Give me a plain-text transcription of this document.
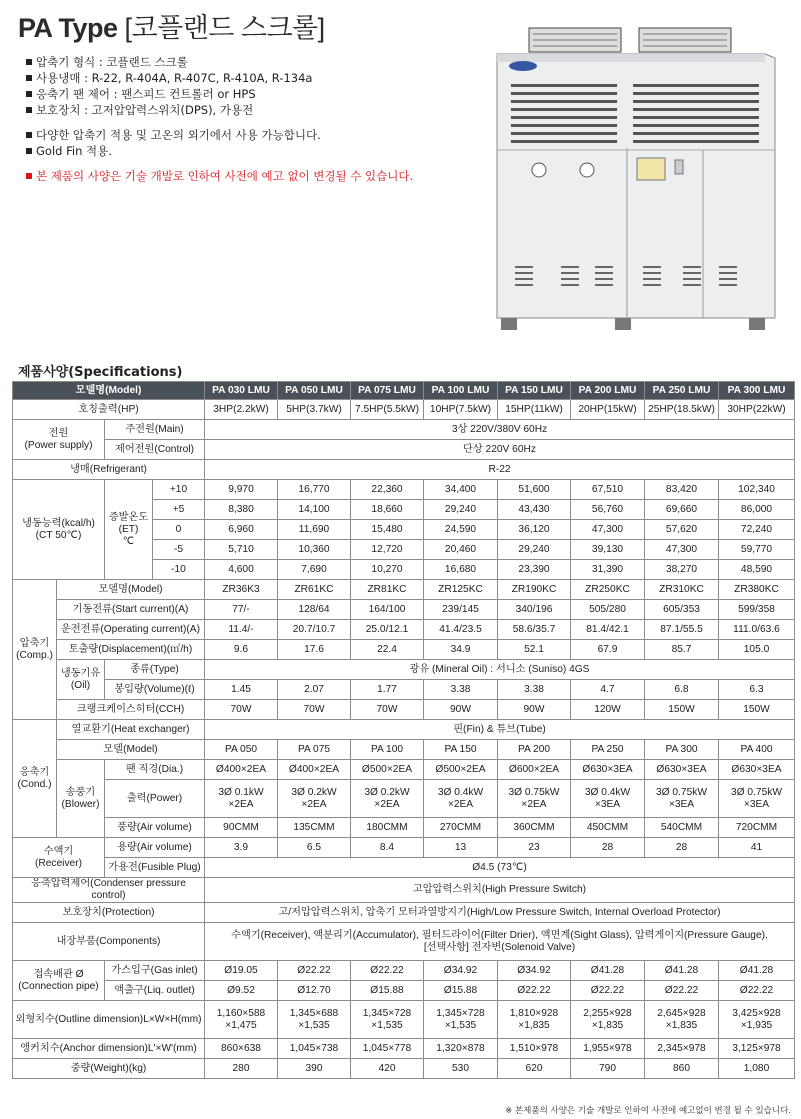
PA Type [코플랜드 스크롤]
압축기 형식 : 코플랜드 스크롤
사용냉매 : R-22, R-404A, R-407C, R-410A, R-134a
응축기 팬 제어 : 팬스피드 컨트롤러 or HPS
보호장치 : 고저압압력스위치(DPS), 가용전
다양한 압축기 적용 및 고온의 외기에서 사용 가능합니다.
Gold Fin 적용.
본 제품의 사양은 기술 개발로 인하여 사전에 예고 없이 변경될 수 있습니다.
제품사양(Specifications)
모델명(Model)				PA 030 LMU	PA 050 LMU	PA 075 LMU	PA 100 LMU	PA 150 LMU	PA 200 LMU	PA 250 LMU	PA 300 LMU
호칭출력(HP)				3HP(2.2kW)	5HP(3.7kW)	7.5HP(5.5kW)	10HP(7.5kW)	15HP(11kW)	20HP(15kW)	25HP(18.5kW)	30HP(22kW)
전원
(Power supply)		주전원(Main)		3상 220V/380V 60Hz							
		제어전원(Control)		단상 220V 60Hz							
냉매(Refrigerant)				R-22							
냉동능력(kcal/h)
(CT 50℃)		증발온도
(ET)
℃	+10	9,970	16,770	22,360	34,400	51,600	67,510	83,420	102,340
			+5	8,380	14,100	18,660	29,240	43,430	56,760	69,660	86,000
			0	6,960	11,690	15,480	24,590	36,120	47,300	57,620	72,240
			-5	5,710	10,360	12,720	20,460	29,240	39,130	47,300	59,770
			-10	4,600	7,690	10,270	16,680	23,390	31,390	38,270	48,590
압축기
(Comp.)	모델명(Model)			ZR36K3	ZR61KC	ZR81KC	ZR125KC	ZR190KC	ZR250KC	ZR310KC	ZR380KC
	기동전류(Start current)(A)			77/-	128/64	164/100	239/145	340/196	505/280	605/353	599/358
	운전전류(Operating current)(A)			11.4/-	20.7/10.7	25.0/12.1	41.4/23.5	58.6/35.7	81.4/42.1	87.1/55.5	111.0/63.6
	토출량(Displacement)(㎥/h)			9.6	17.6	22.4	34.9	52.1	67.9	85.7	105.0
	냉동기유
(Oil)	종류(Type)		광유 (Mineral Oil) : 서니소 (Suniso) 4GS							
		봉입량(Volume)(ℓ)		1.45	2.07	1.77	3.38	3.38	4.7	6.8	6.3
	크랭크케이스히터(CCH)			70W	70W	70W	90W	90W	120W	150W	150W
응축기
(Cond.)	열교환기(Heat exchanger)			핀(Fin) & 튜브(Tube)							
	모델(Model)			PA 050	PA 075	PA 100	PA 150	PA 200	PA 250	PA 300	PA 400
	송풍기
(Blower)	팬 직경(Dia.)		Ø400×2EA	Ø400×2EA	Ø500×2EA	Ø500×2EA	Ø600×2EA	Ø630×3EA	Ø630×3EA	Ø630×3EA
		출력(Power)		3Ø 0.1kW
×2EA	3Ø 0.2kW
×2EA	3Ø 0.2kW
×2EA	3Ø 0.4kW
×2EA	3Ø 0.75kW
×2EA	3Ø 0.4kW
×3EA	3Ø 0.75kW
×3EA	3Ø 0.75kW
×3EA
		풍량(Air volume)		90CMM	135CMM	180CMM	270CMM	360CMM	450CMM	540CMM	720CMM
수액기
(Receiver)		용량(Air volume)		3.9	6.5	8.4	13	23	28	28	41
		가용전(Fusible Plug)		Ø4.5 (73℃)							
응축압력제어(Condenser pressure control)				고압압력스위치(High Pressure Switch)							
보호장치(Protection)				고/저압압력스위치, 압축기 모터과열방지기(High/Low Pressure Switch, Internal Overload Protector)							
내장부품(Components)				수액기(Receiver), 액분리기(Accumulator), 필터드라이어(Filter Drier), 액면계(Sight Glass), 압력게이지(Pressure Gauge).
[선택사항] 전자변(Solenoid Valve)							
접속배관 Ø
(Connection pipe)		가스입구(Gas inlet)		Ø19.05	Ø22.22	Ø22.22	Ø34.92	Ø34.92	Ø41.28	Ø41.28	Ø41.28
		액출구(Liq. outlet)		Ø9.52	Ø12.70	Ø15.88	Ø15.88	Ø22.22	Ø22.22	Ø22.22	Ø22.22
외형치수(Outline dimension)L×W×H(mm)				1,160×588
×1,475	1,345×688
×1,535	1,345×728
×1,535	1,345×728
×1,535	1,810×928
×1,835	2,255×928
×1,835	2,645×928
×1,835	3,425×928
×1,935
앵커치수(Anchor dimension)L'×W'(mm)				860×638	1,045×738	1,045×778	1,320×878	1,510×978	1,955×978	2,345×978	3,125×978
중량(Weight)(kg)				280	390	420	530	620	790	860	1,080
※ 본제품의 사양은 기술 개발로 인하여 사전에 예고없이 변경 될 수 있습니다.
